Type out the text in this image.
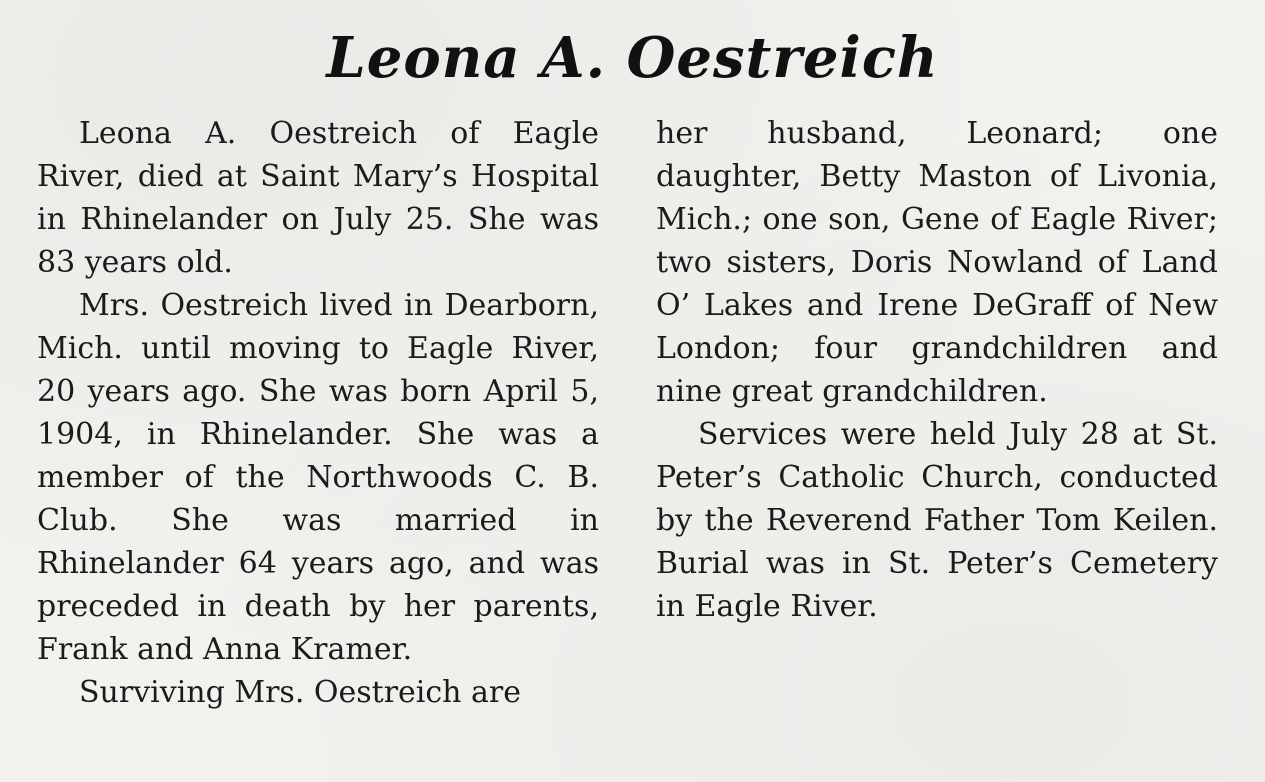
Leona A. Oestreich

Leona A. Oestreich of Eagle River, died at Saint Mary’s Hospital in Rhinelander on July 25. She was 83 years old.

Mrs. Oestreich lived in Dearborn, Mich. until moving to Eagle River, 20 years ago. She was born April 5, 1904, in Rhinelander. She was a member of the Northwoods C. B. Club. She was married in Rhinelander 64 years ago, and was preceded in death by her parents, Frank and Anna Kramer.

Surviving Mrs. Oestreich are

her husband, Leonard; one daughter, Betty Maston of Livonia, Mich.; one son, Gene of Eagle River; two sisters, Doris Nowland of Land O’ Lakes and Irene DeGraff of New London; four grandchildren and nine great grandchildren.

Services were held July 28 at St. Peter’s Catholic Church, conducted by the Reverend Father Tom Keilen. Burial was in St. Peter’s Cemetery in Eagle River.
